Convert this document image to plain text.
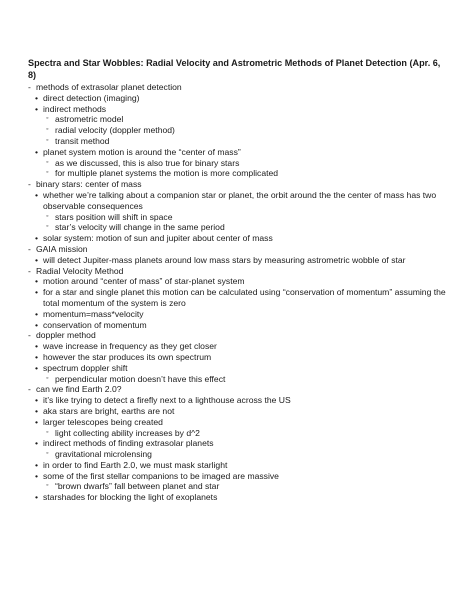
Spectra and Star Wobbles: Radial Velocity and Astrometric Methods of Planet Detection (Apr. 6, 8)
- methods of extrasolar planet detection
• direct detection (imaging)
• indirect methods
◦ astrometric model
◦ radial velocity (doppler method)
◦ transit method
• planet system motion is around the “center of mass”
◦ as we discussed, this is also true for binary stars
◦ for multiple planet systems the motion is more complicated
- binary stars: center of mass
• whether we’re talking about a companion star or planet, the orbit around the the center of mass has two observable consequences
◦ stars position will shift in space
◦ star’s velocity will change in the same period
• solar system: motion of sun and jupiter about center of mass
- GAIA mission
• will detect Jupiter-mass planets around low mass stars by measuring astrometric wobble of star
- Radial Velocity Method
• motion around “center of mass” of star-planet system
• for a star and single planet this motion can be calculated using “conservation of momentum” assuming the total momentum of the system is zero
• momentum=mass*velocity
• conservation of momentum
- doppler method
• wave increase in frequency as they get closer
• however the star produces its own spectrum
• spectrum doppler shift
◦ perpendicular motion doesn’t have this effect
- can we find Earth 2.0?
• it’s like trying to detect a firefly next to a lighthouse across the US
• aka stars are bright, earths are not
• larger telescopes being created
◦ light collecting ability increases by d^2
• indirect methods of finding extrasolar planets
◦ gravitational microlensing
• in order to find Earth 2.0, we must mask starlight
• some of the first stellar companions to be imaged are massive
◦ “brown dwarfs” fall between planet and star
• starshades for blocking the light of exoplanets
